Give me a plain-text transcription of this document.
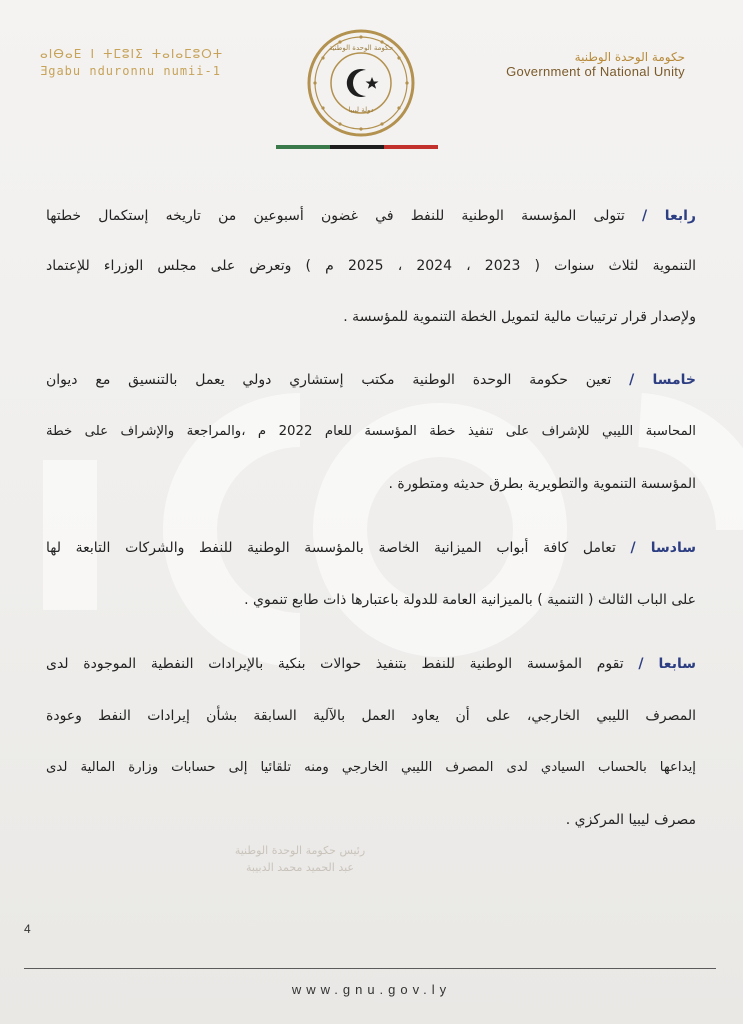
ⴰⵏⴱⴰⴹ ⵏ ⵜⵎⵓⵏⵉ ⵜⴰⵏⴰⵎⵓⵔⵜ
Ǝgabu nduronnu numii-1
حكومة الوحدة الوطنية
دولة ليبيا
حكومة الوحدة الوطنية
Government of National Unity
رابعا / تتولى المؤسسة الوطنية للنفط في غضون أسبوعين من تاريخه إستكمال خطتها
التنموية لثلاث سنوات ( 2023 ، 2024 ، 2025 م ) وتعرض على مجلس الوزراء للإعتماد
ولإصدار قرار ترتيبات مالية لتمويل الخطة التنموية للمؤسسة .
خامسا / تعين حكومة الوحدة الوطنية مكتب إستشاري دولي يعمل بالتنسيق مع ديوان
المحاسبة الليبي للإشراف على تنفيذ خطة المؤسسة للعام 2022 م ،والمراجعة والإشراف على خطة
المؤسسة التنموية والتطويرية بطرق حديثه ومتطورة .
سادسا / تعامل كافة أبواب الميزانية الخاصة بالمؤسسة الوطنية للنفط والشركات التابعة لها
على الباب الثالث ( التنمية ) بالميزانية العامة للدولة باعتبارها ذات طابع تنموي .
سابعا / تقوم المؤسسة الوطنية للنفط بتنفيذ حوالات بنكية بالإيرادات النفطية الموجودة لدى
المصرف الليبي الخارجي، على أن يعاود العمل بالآلية السابقة بشأن إيرادات النفط وعودة
إيداعها بالحساب السيادي لدى المصرف الليبي الخارجي ومنه تلقائيا إلى حسابات وزارة المالية لدى
مصرف ليبيا المركزي .
رئيس حكومة الوحدة الوطنية
عبد الحميد محمد الدبيبة
4
www.gnu.gov.ly
